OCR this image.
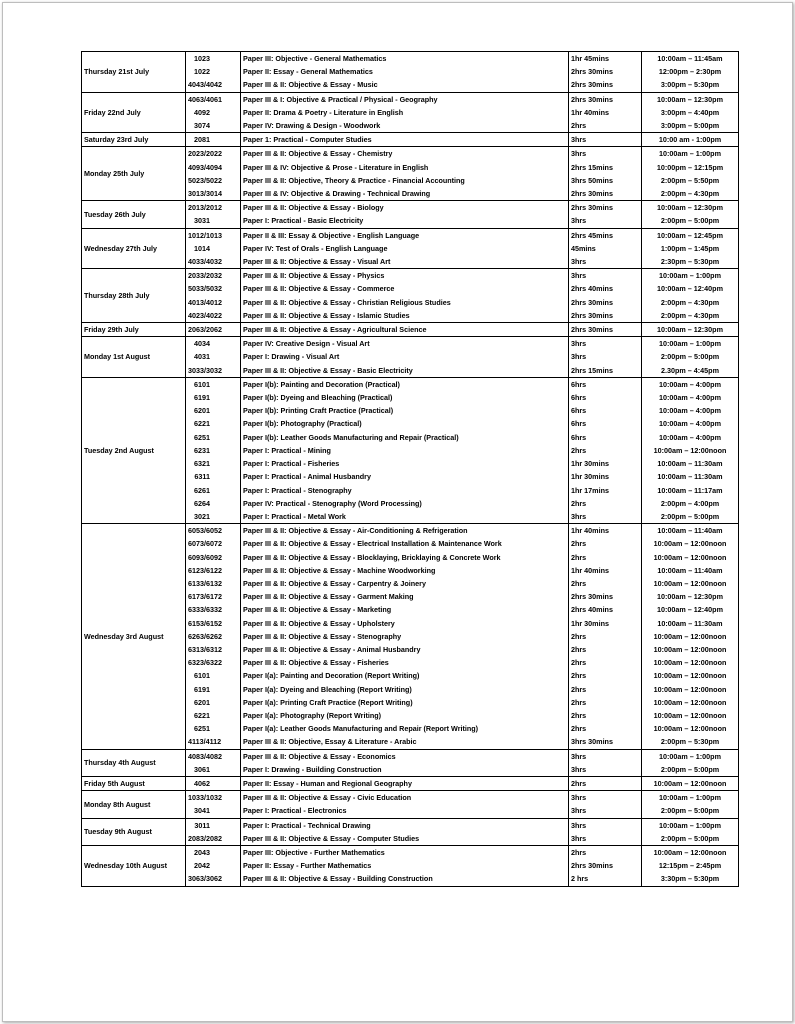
Thursday 21st July	1023	Paper III: Objective - General Mathematics	1hr 45mins	10:00am – 11:45am
	1022	Paper II: Essay - General Mathematics	2hrs 30mins	12:00pm – 2:30pm
	4043/4042	Paper III & II: Objective & Essay - Music	2hrs 30mins	3:00pm – 5:30pm
Friday 22nd July	4063/4061	Paper III & I: Objective & Practical / Physical - Geography	2hrs 30mins	10:00am – 12:30pm
	4092	Paper II: Drama & Poetry - Literature in English	1hr 40mins	3:00pm – 4:40pm
	3074	Paper IV: Drawing & Design - Woodwork	2hrs	3:00pm – 5:00pm
Saturday 23rd July	2081	Paper 1: Practical - Computer Studies	3hrs	10:00 am - 1:00pm
Monday 25th July	2023/2022	Paper III & II: Objective & Essay - Chemistry	3hrs	10:00am – 1:00pm
	4093/4094	Paper III & IV: Objective & Prose - Literature in English	2hrs 15mins	10:00pm – 12:15pm
	5023/5022	Paper III & II: Objective, Theory & Practice - Financial Accounting	3hrs 50mins	2:00pm – 5:50pm
	3013/3014	Paper III & IV: Objective & Drawing - Technical Drawing	2hrs 30mins	2:00pm – 4:30pm
Tuesday 26th July	2013/2012	Paper III & II: Objective & Essay - Biology	2hrs 30mins	10:00am – 12:30pm
	3031	Paper I: Practical - Basic Electricity	3hrs	2:00pm – 5:00pm
Wednesday 27th July	1012/1013	Paper II & III: Essay & Objective - English Language	2hrs 45mins	10:00am – 12:45pm
	1014	Paper IV: Test of Orals - English Language	45mins	1:00pm – 1:45pm
	4033/4032	Paper III & II: Objective & Essay - Visual Art	3hrs	2:30pm – 5:30pm
Thursday 28th July	2033/2032	Paper III & II: Objective & Essay - Physics	3hrs	10:00am – 1:00pm
	5033/5032	Paper III & II: Objective & Essay - Commerce	2hrs 40mins	10:00am – 12:40pm
	4013/4012	Paper III & II: Objective & Essay - Christian Religious Studies	2hrs 30mins	2:00pm – 4:30pm
	4023/4022	Paper III & II: Objective & Essay - Islamic Studies	2hrs 30mins	2:00pm – 4:30pm
Friday 29th July	2063/2062	Paper III & II: Objective & Essay - Agricultural Science	2hrs 30mins	10:00am – 12:30pm
Monday 1st August	4034	Paper IV: Creative Design - Visual Art	3hrs	10:00am – 1:00pm
	4031	Paper I: Drawing - Visual Art	3hrs	2:00pm – 5:00pm
	3033/3032	Paper III & II: Objective & Essay - Basic Electricity	2hrs 15mins	2.30pm – 4:45pm
Tuesday 2nd August	6101	Paper I(b): Painting and Decoration (Practical)	6hrs	10:00am – 4:00pm
	6191	Paper I(b): Dyeing and Bleaching (Practical)	6hrs	10:00am – 4:00pm
	6201	Paper I(b): Printing Craft Practice (Practical)	6hrs	10:00am – 4:00pm
	6221	Paper I(b): Photography (Practical)	6hrs	10:00am – 4:00pm
	6251	Paper I(b): Leather Goods Manufacturing and Repair (Practical)	6hrs	10:00am – 4:00pm
	6231	Paper I: Practical - Mining	2hrs	10:00am – 12:00noon
	6321	Paper I: Practical - Fisheries	1hr 30mins	10:00am – 11:30am
	6311	Paper I: Practical - Animal Husbandry	1hr 30mins	10:00am – 11:30am
	6261	Paper I: Practical - Stenography	1hr 17mins	10:00am – 11:17am
	6264	Paper IV: Practical - Stenography (Word Processing)	2hrs	2:00pm – 4:00pm
	3021	Paper I: Practical - Metal Work	3hrs	2:00pm – 5:00pm
Wednesday 3rd August	6053/6052	Paper III & II: Objective & Essay - Air-Conditioning & Refrigeration	1hr 40mins	10:00am – 11:40am
	6073/6072	Paper III & II: Objective & Essay - Electrical Installation & Maintenance Work	2hrs	10:00am – 12:00noon
	6093/6092	Paper III & II: Objective & Essay - Blocklaying, Bricklaying & Concrete Work	2hrs	10:00am – 12:00noon
	6123/6122	Paper III & II: Objective & Essay - Machine Woodworking	1hr 40mins	10:00am – 11:40am
	6133/6132	Paper III & II: Objective & Essay - Carpentry & Joinery	2hrs	10:00am – 12:00noon
	6173/6172	Paper III & II: Objective & Essay - Garment Making	2hrs 30mins	10:00am – 12:30pm
	6333/6332	Paper III & II: Objective & Essay - Marketing	2hrs 40mins	10:00am – 12:40pm
	6153/6152	Paper III & II: Objective & Essay - Upholstery	1hr 30mins	10:00am – 11:30am
	6263/6262	Paper III & II: Objective & Essay - Stenography	2hrs	10:00am – 12:00noon
	6313/6312	Paper III & II: Objective & Essay - Animal Husbandry	2hrs	10:00am – 12:00noon
	6323/6322	Paper III & II: Objective & Essay - Fisheries	2hrs	10:00am – 12:00noon
	6101	Paper I(a): Painting and Decoration (Report Writing)	2hrs	10:00am – 12:00noon
	6191	Paper I(a): Dyeing and Bleaching (Report Writing)	2hrs	10:00am – 12:00noon
	6201	Paper I(a): Printing Craft Practice (Report Writing)	2hrs	10:00am – 12:00noon
	6221	Paper I(a): Photography (Report Writing)	2hrs	10:00am – 12:00noon
	6251	Paper I(a): Leather Goods Manufacturing and Repair (Report Writing)	2hrs	10:00am – 12:00noon
	4113/4112	Paper III & II: Objective, Essay & Literature - Arabic	3hrs 30mins	2:00pm – 5:30pm
Thursday 4th August	4083/4082	Paper III & II: Objective & Essay - Economics	3hrs	10:00am – 1:00pm
	3061	Paper I: Drawing - Building Construction	3hrs	2:00pm – 5:00pm
Friday 5th August	4062	Paper II: Essay - Human and Regional Geography	2hrs	10:00am – 12:00noon
Monday 8th August	1033/1032	Paper III & II: Objective & Essay - Civic Education	3hrs	10:00am – 1:00pm
	3041	Paper I: Practical - Electronics	3hrs	2:00pm – 5:00pm
Tuesday 9th August	3011	Paper I: Practical - Technical Drawing	3hrs	10:00am – 1:00pm
	2083/2082	Paper III & II: Objective & Essay - Computer Studies	3hrs	2:00pm – 5:00pm
Wednesday 10th August	2043	Paper III: Objective - Further Mathematics	2hrs	10:00am – 12:00noon
	2042	Paper II: Essay - Further Mathematics	2hrs 30mins	12:15pm – 2:45pm
	3063/3062	Paper III & II: Objective & Essay - Building Construction	2 hrs	3:30pm – 5:30pm
